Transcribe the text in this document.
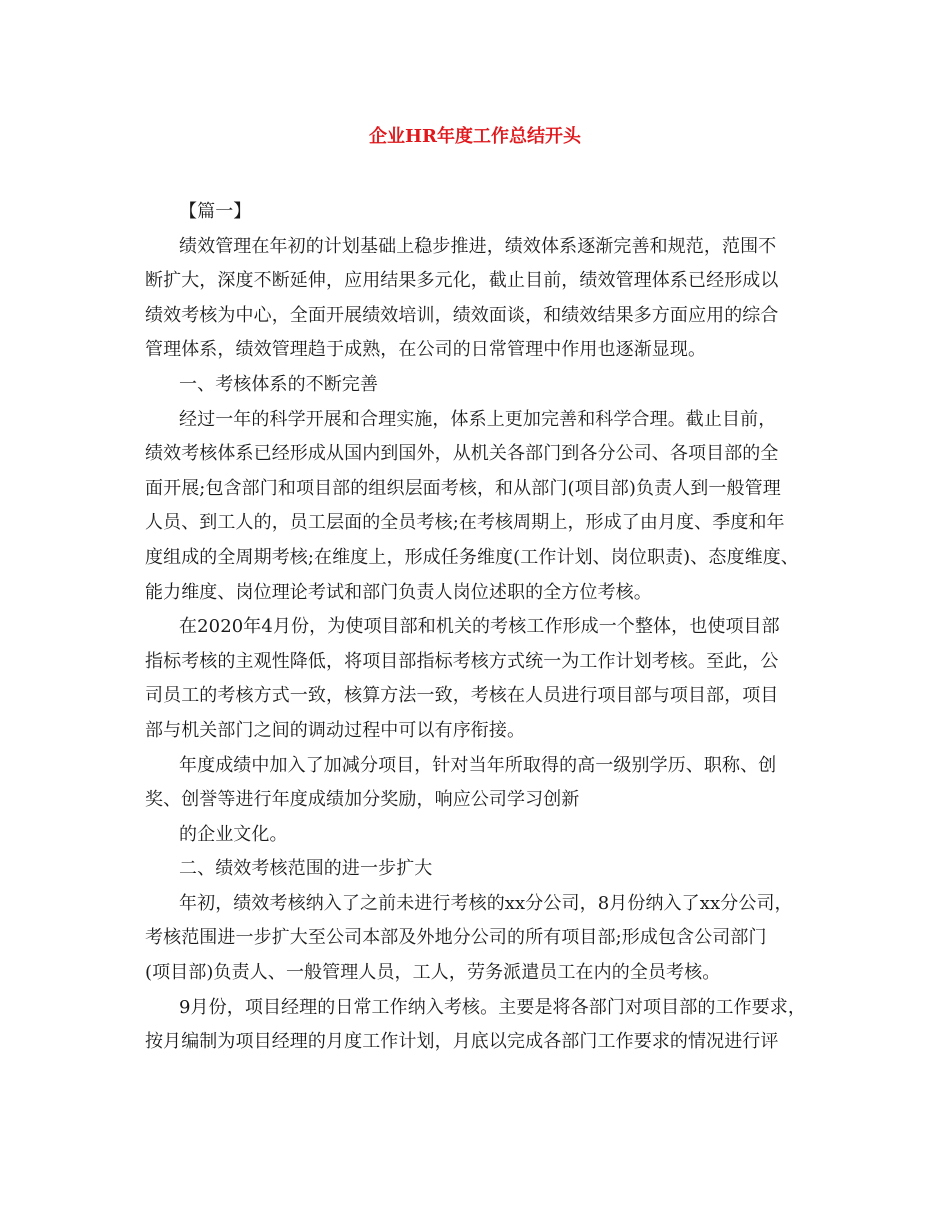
企业HR年度工作总结开头
【篇一】
绩效管理在年初的计划基础上稳步推进，绩效体系逐渐完善和规范，范围不
断扩大，深度不断延伸，应用结果多元化，截止目前，绩效管理体系已经形成以
绩效考核为中心，全面开展绩效培训，绩效面谈，和绩效结果多方面应用的综合
管理体系，绩效管理趋于成熟，在公司的日常管理中作用也逐渐显现。
一、考核体系的不断完善
经过一年的科学开展和合理实施，体系上更加完善和科学合理。截止目前，
绩效考核体系已经形成从国内到国外，从机关各部门到各分公司、各项目部的全
面开展;包含部门和项目部的组织层面考核，和从部门(项目部)负责人到一般管理
人员、到工人的，员工层面的全员考核;在考核周期上，形成了由月度、季度和年
度组成的全周期考核;在维度上，形成任务维度(工作计划、岗位职责)、态度维度、
能力维度、岗位理论考试和部门负责人岗位述职的全方位考核。
在2020年4月份，为使项目部和机关的考核工作形成一个整体，也使项目部
指标考核的主观性降低，将项目部指标考核方式统一为工作计划考核。至此，公
司员工的考核方式一致，核算方法一致，考核在人员进行项目部与项目部，项目
部与机关部门之间的调动过程中可以有序衔接。
年度成绩中加入了加减分项目，针对当年所取得的高一级别学历、职称、创
奖、创誉等进行年度成绩加分奖励，响应公司学习创新
的企业文化。
二、绩效考核范围的进一步扩大
年初，绩效考核纳入了之前未进行考核的xx分公司，8月份纳入了xx分公司，
考核范围进一步扩大至公司本部及外地分公司的所有项目部;形成包含公司部门
(项目部)负责人、一般管理人员，工人，劳务派遣员工在内的全员考核。
9月份，项目经理的日常工作纳入考核。主要是将各部门对项目部的工作要求，
按月编制为项目经理的月度工作计划，月底以完成各部门工作要求的情况进行评
